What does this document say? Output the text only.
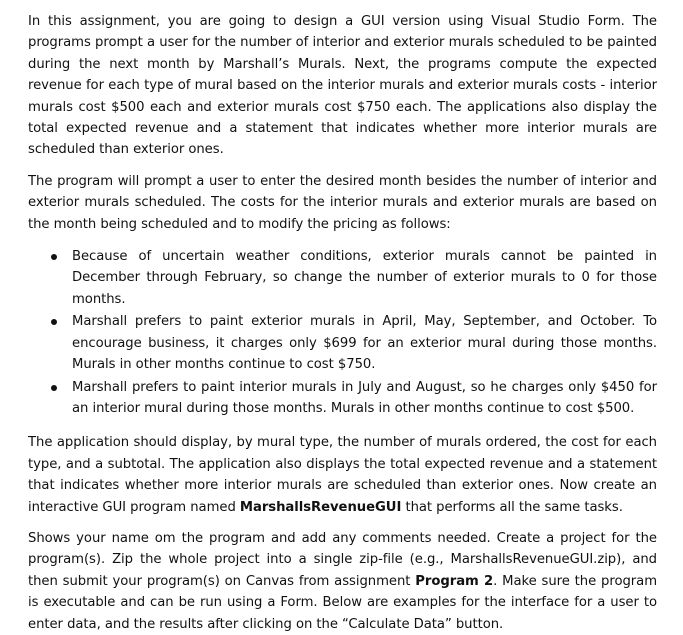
In this assignment, you are going to design a GUI version using Visual Studio Form. The programs prompt a user for the number of interior and exterior murals scheduled to be painted during the next month by Marshall’s Murals. Next, the programs compute the expected revenue for each type of mural based on the interior murals and exterior murals costs - interior murals cost $500 each and exterior murals cost $750 each. The applications also display the total expected revenue and a statement that indicates whether more interior murals are scheduled than exterior ones.

The program will prompt a user to enter the desired month besides the number of interior and exterior murals scheduled. The costs for the interior murals and exterior murals are based on the month being scheduled and to modify the pricing as follows:

Because of uncertain weather conditions, exterior murals cannot be painted in December through February, so change the number of exterior murals to 0 for those months.
Marshall prefers to paint exterior murals in April, May, September, and October. To encourage business, it charges only $699 for an exterior mural during those months. Murals in other months continue to cost $750.
Marshall prefers to paint interior murals in July and August, so he charges only $450 for an interior mural during those months. Murals in other months continue to cost $500.

The application should display, by mural type, the number of murals ordered, the cost for each type, and a subtotal. The application also displays the total expected revenue and a statement that indicates whether more interior murals are scheduled than exterior ones. Now create an interactive GUI program named MarshallsRevenueGUI that performs all the same tasks.

Shows your name om the program and add any comments needed. Create a project for the program(s). Zip the whole project into a single zip-file (e.g., MarshallsRevenueGUI.zip), and then submit your program(s) on Canvas from assignment Program 2. Make sure the program is executable and can be run using a Form. Below are examples for the interface for a user to enter data, and the results after clicking on the “Calculate Data” button.
